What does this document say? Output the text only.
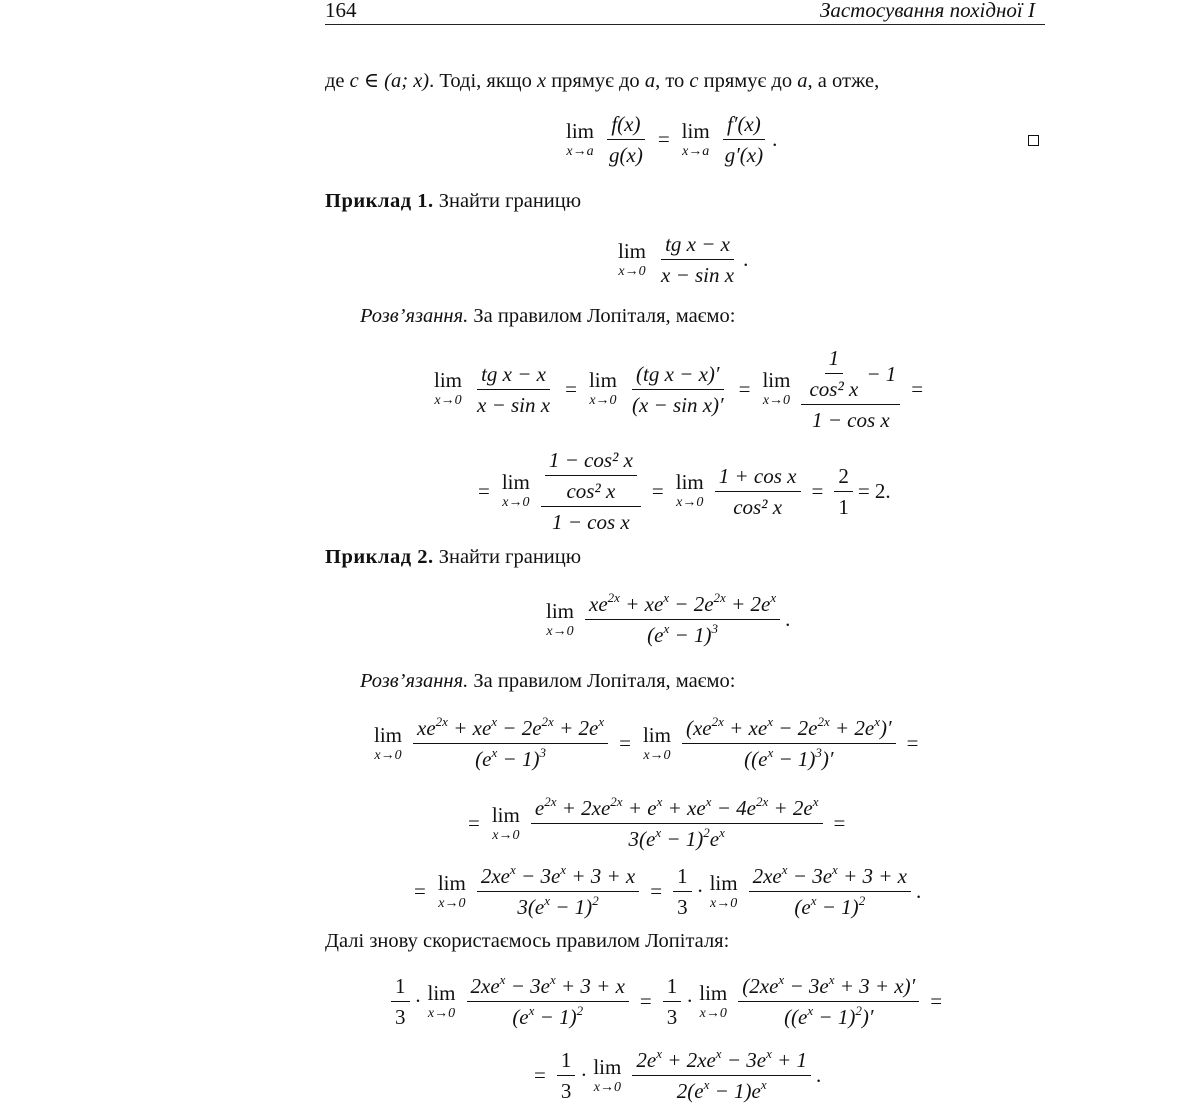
164	Застосування похідної I
де c ∈ (a; x). Тоді, якщо x прямує до a, то c прямує до a, а отже,
lim
$x\to a \frac{f(x)}{g(x)} = \lim$
$x\to a \frac{f'(x)}{g'(x)}$ .
Приклад 1. Знайти границю
lim
$x\to 0 \frac{\text{tg x − x}}{\text{x − sin x}}$ .
Розв’язання. За правилом Лопіталя, маємо:
lim
$x\to 0 \frac{\text{tg x − x}}{\text{x − sin x}} = \lim$
$x\to 0 \frac{\text{(tg x − x)′}}{\text{(x − sin x)′}} = \lim$
$x\to 0 \frac{\frac{1}{\text{cos² x}} - 1}{\text{1 − cos x}}$ =
= lim
$x\to 0 \frac{\frac{\text{1 − cos² x}}{\text{cos² x}}}{\text{1 − cos x}} = \lim$
$x\to 0 \frac{\text{1 + cos x}}{\text{cos² x}} = \frac{2}{1} = 2$.
Приклад 2. Знайти границю
lim
$x\to 0 \frac{xe^{2x} + xe^x - 2e^{2x} + 2e^x}{(e^x - 1)^3}$ .
Розв’язання. За правилом Лопіталя, маємо:
lim
$x\to 0 \frac{xe^{2x} + xe^x - 2e^{2x} + 2e^x}{(e^x - 1)^3} = \lim$
$x\to 0 \frac{(xe^{2x} + xe^x - 2e^{2x} + 2e^x)'}{((e^x - 1)^3)'}$ =
= lim
$x\to 0 \frac{e^{2x} + 2xe^{2x} + e^x + xe^x - 4e^{2x} + 2e^x}{3(e^x - 1)^2e^x}$ =
= lim
$x\to 0 \frac{2xe^x - 3e^x + 3 + x}{3(e^x - 1)^2} = \frac{1}{3} \cdot \lim$
$x\to 0 \frac{2xe^x - 3e^x + 3 + x}{(e^x - 1)^2}$ .
Далі знову скористаємось правилом Лопіталя:
$\frac{1}{3} \cdot \lim$
$x\to 0 \frac{2xe^x - 3e^x + 3 + x}{(e^x - 1)^2} = \frac{1}{3} \cdot \lim$
$x\to 0 \frac{(2xe^x - 3e^x + 3 + x)'}{((e^x - 1)^2)'}$ =
= $\frac{1}{3} \cdot \lim$
$x\to 0 \frac{2e^x + 2xe^x - 3e^x + 1}{2(e^x - 1)e^x}$ .
